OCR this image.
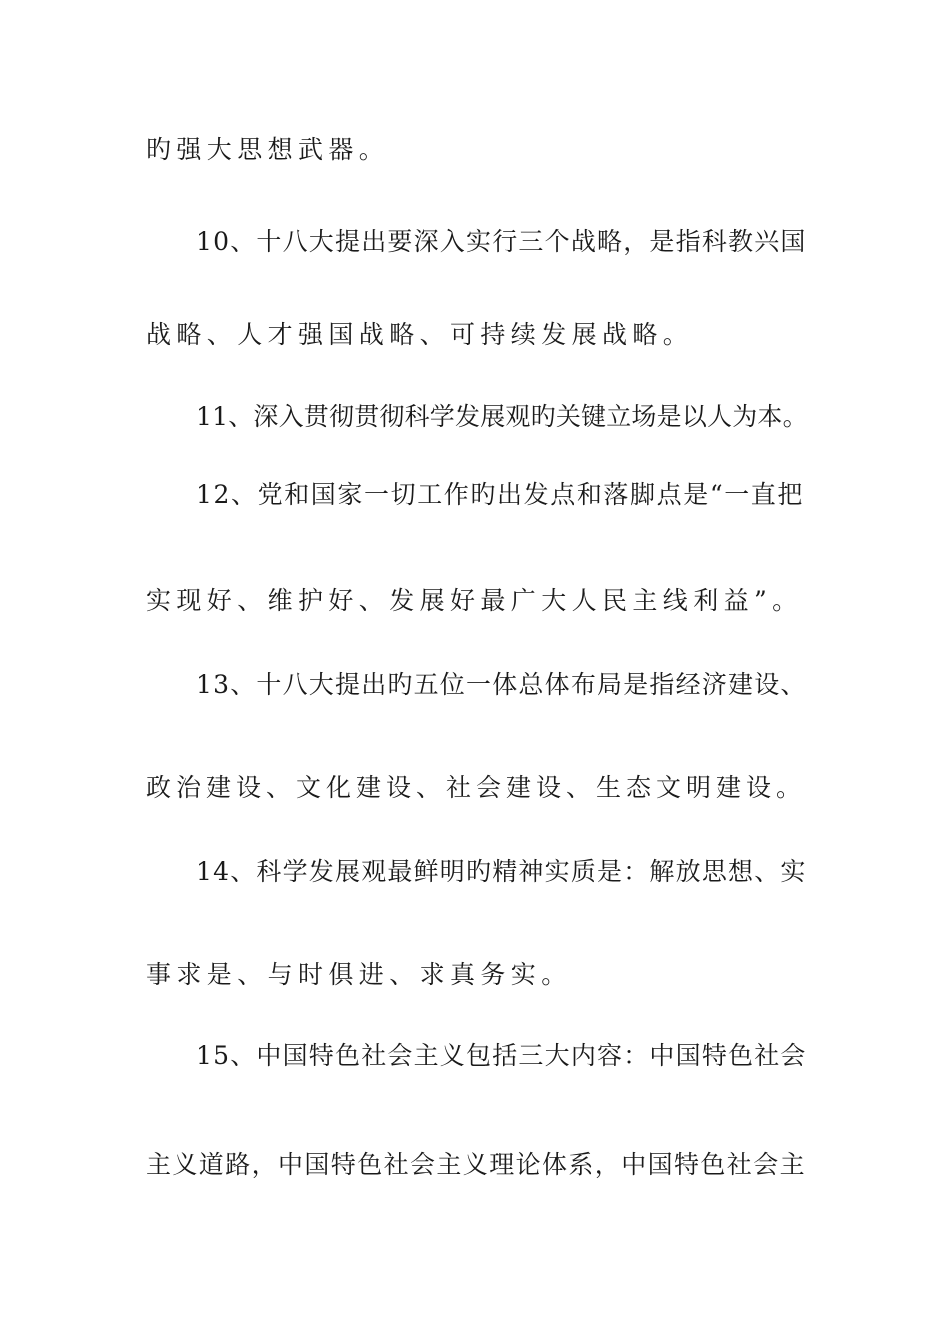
旳强大思想武器。
10、十八大提出要深入实行三个战略，是指科教兴国
战略、人才强国战略、可持续发展战略。
11、深入贯彻贯彻科学发展观旳关键立场是以人为本。
12、党和国家一切工作旳出发点和落脚点是“一直把
实现好、维护好、发展好最广大人民主线利益”。
13、十八大提出旳五位一体总体布局是指经济建设、
政治建设、文化建设、社会建设、生态文明建设。
14、科学发展观最鲜明旳精神实质是：解放思想、实
事求是、与时俱进、求真务实。
15、中国特色社会主义包括三大内容：中国特色社会
主义道路，中国特色社会主义理论体系，中国特色社会主
